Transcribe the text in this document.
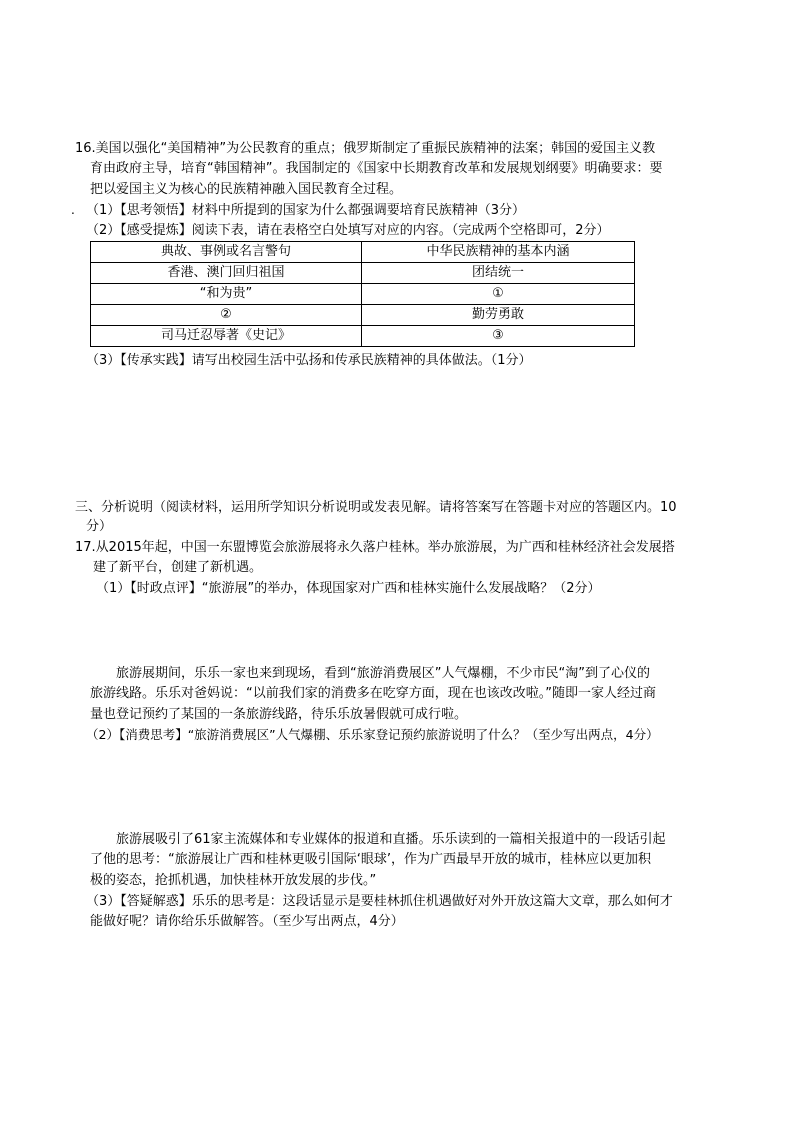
16.美国以强化“美国精神”为公民教育的重点；俄罗斯制定了重振民族精神的法案；韩国的爱国主义教
育由政府主导，培育“韩国精神”。我国制定的《国家中长期教育改革和发展规划纲要》明确要求：要
把以爱国主义为核心的民族精神融入国民教育全过程。
. （1）【思考领悟】材料中所提到的国家为什么都强调要培育民族精神（3分）
（2）【感受提炼】阅读下表，请在表格空白处填写对应的内容。（完成两个空格即可，2分）
典故、事例或名言警句	中华民族精神的基本内涵
香港、澳门回归祖国	团结统一
“和为贵”	①
②	勤劳勇敢
司马迁忍辱著《史记》	③
（3）【传承实践】请写出校园生活中弘扬和传承民族精神的具体做法。（1分）
三、分析说明（阅读材料，运用所学知识分析说明或发表见解。请将答案写在答题卡对应的答题区内。10
分）
17.从2015年起，中国一东盟博览会旅游展将永久落户桂林。举办旅游展，为广西和桂林经济社会发展搭
建了新平台，创建了新机遇。
（1）【时政点评】“旅游展”的举办，体现国家对广西和桂林实施什么发展战略？（2分）
旅游展期间，乐乐一家也来到现场，看到“旅游消费展区”人气爆棚，不少市民“淘”到了心仪的
旅游线路。乐乐对爸妈说：“以前我们家的消费多在吃穿方面，现在也该改改啦。”随即一家人经过商
量也登记预约了某国的一条旅游线路，待乐乐放暑假就可成行啦。
（2）【消费思考】“旅游消费展区”人气爆棚、乐乐家登记预约旅游说明了什么？（至少写出两点，4分）
旅游展吸引了61家主流媒体和专业媒体的报道和直播。乐乐读到的一篇相关报道中的一段话引起
了他的思考：“旅游展让广西和桂林更吸引国际‘眼球’，作为广西最早开放的城市，桂林应以更加积
极的姿态，抢抓机遇，加快桂林开放发展的步伐。”
（3）【答疑解惑】乐乐的思考是：这段话显示是要桂林抓住机遇做好对外开放这篇大文章，那么如何才
能做好呢？请你给乐乐做解答。（至少写出两点，4分）
